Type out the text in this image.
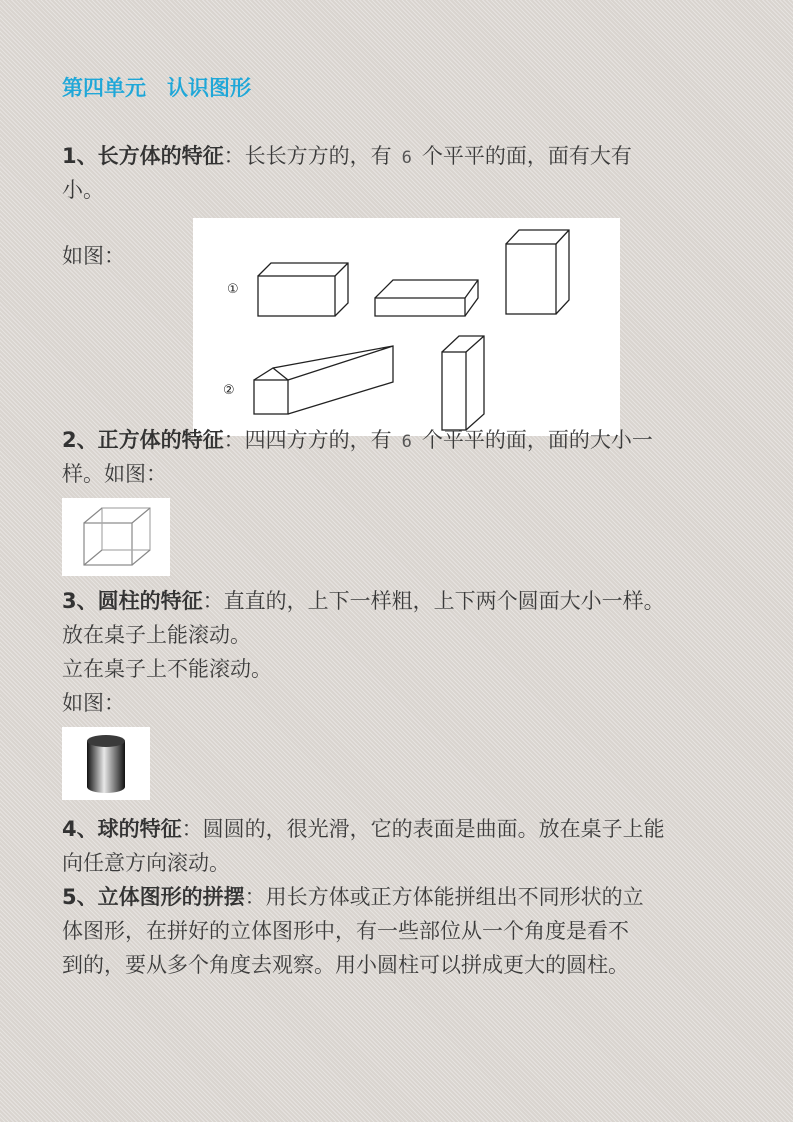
第四单元　认识图形
1、长方体的特征：长长方方的，有 6 个平平的面，面有大有
小。
如图：
①
②
2、正方体的特征：四四方方的，有 6 个平平的面，面的大小一
样。如图：
3、圆柱的特征：直直的，上下一样粗，上下两个圆面大小一样。
放在桌子上能滚动。
立在桌子上不能滚动。
如图：
4、球的特征：圆圆的，很光滑，它的表面是曲面。放在桌子上能
向任意方向滚动。
5、立体图形的拼摆：用长方体或正方体能拼组出不同形状的立
体图形，在拼好的立体图形中，有一些部位从一个角度是看不
到的，要从多个角度去观察。用小圆柱可以拼成更大的圆柱。
